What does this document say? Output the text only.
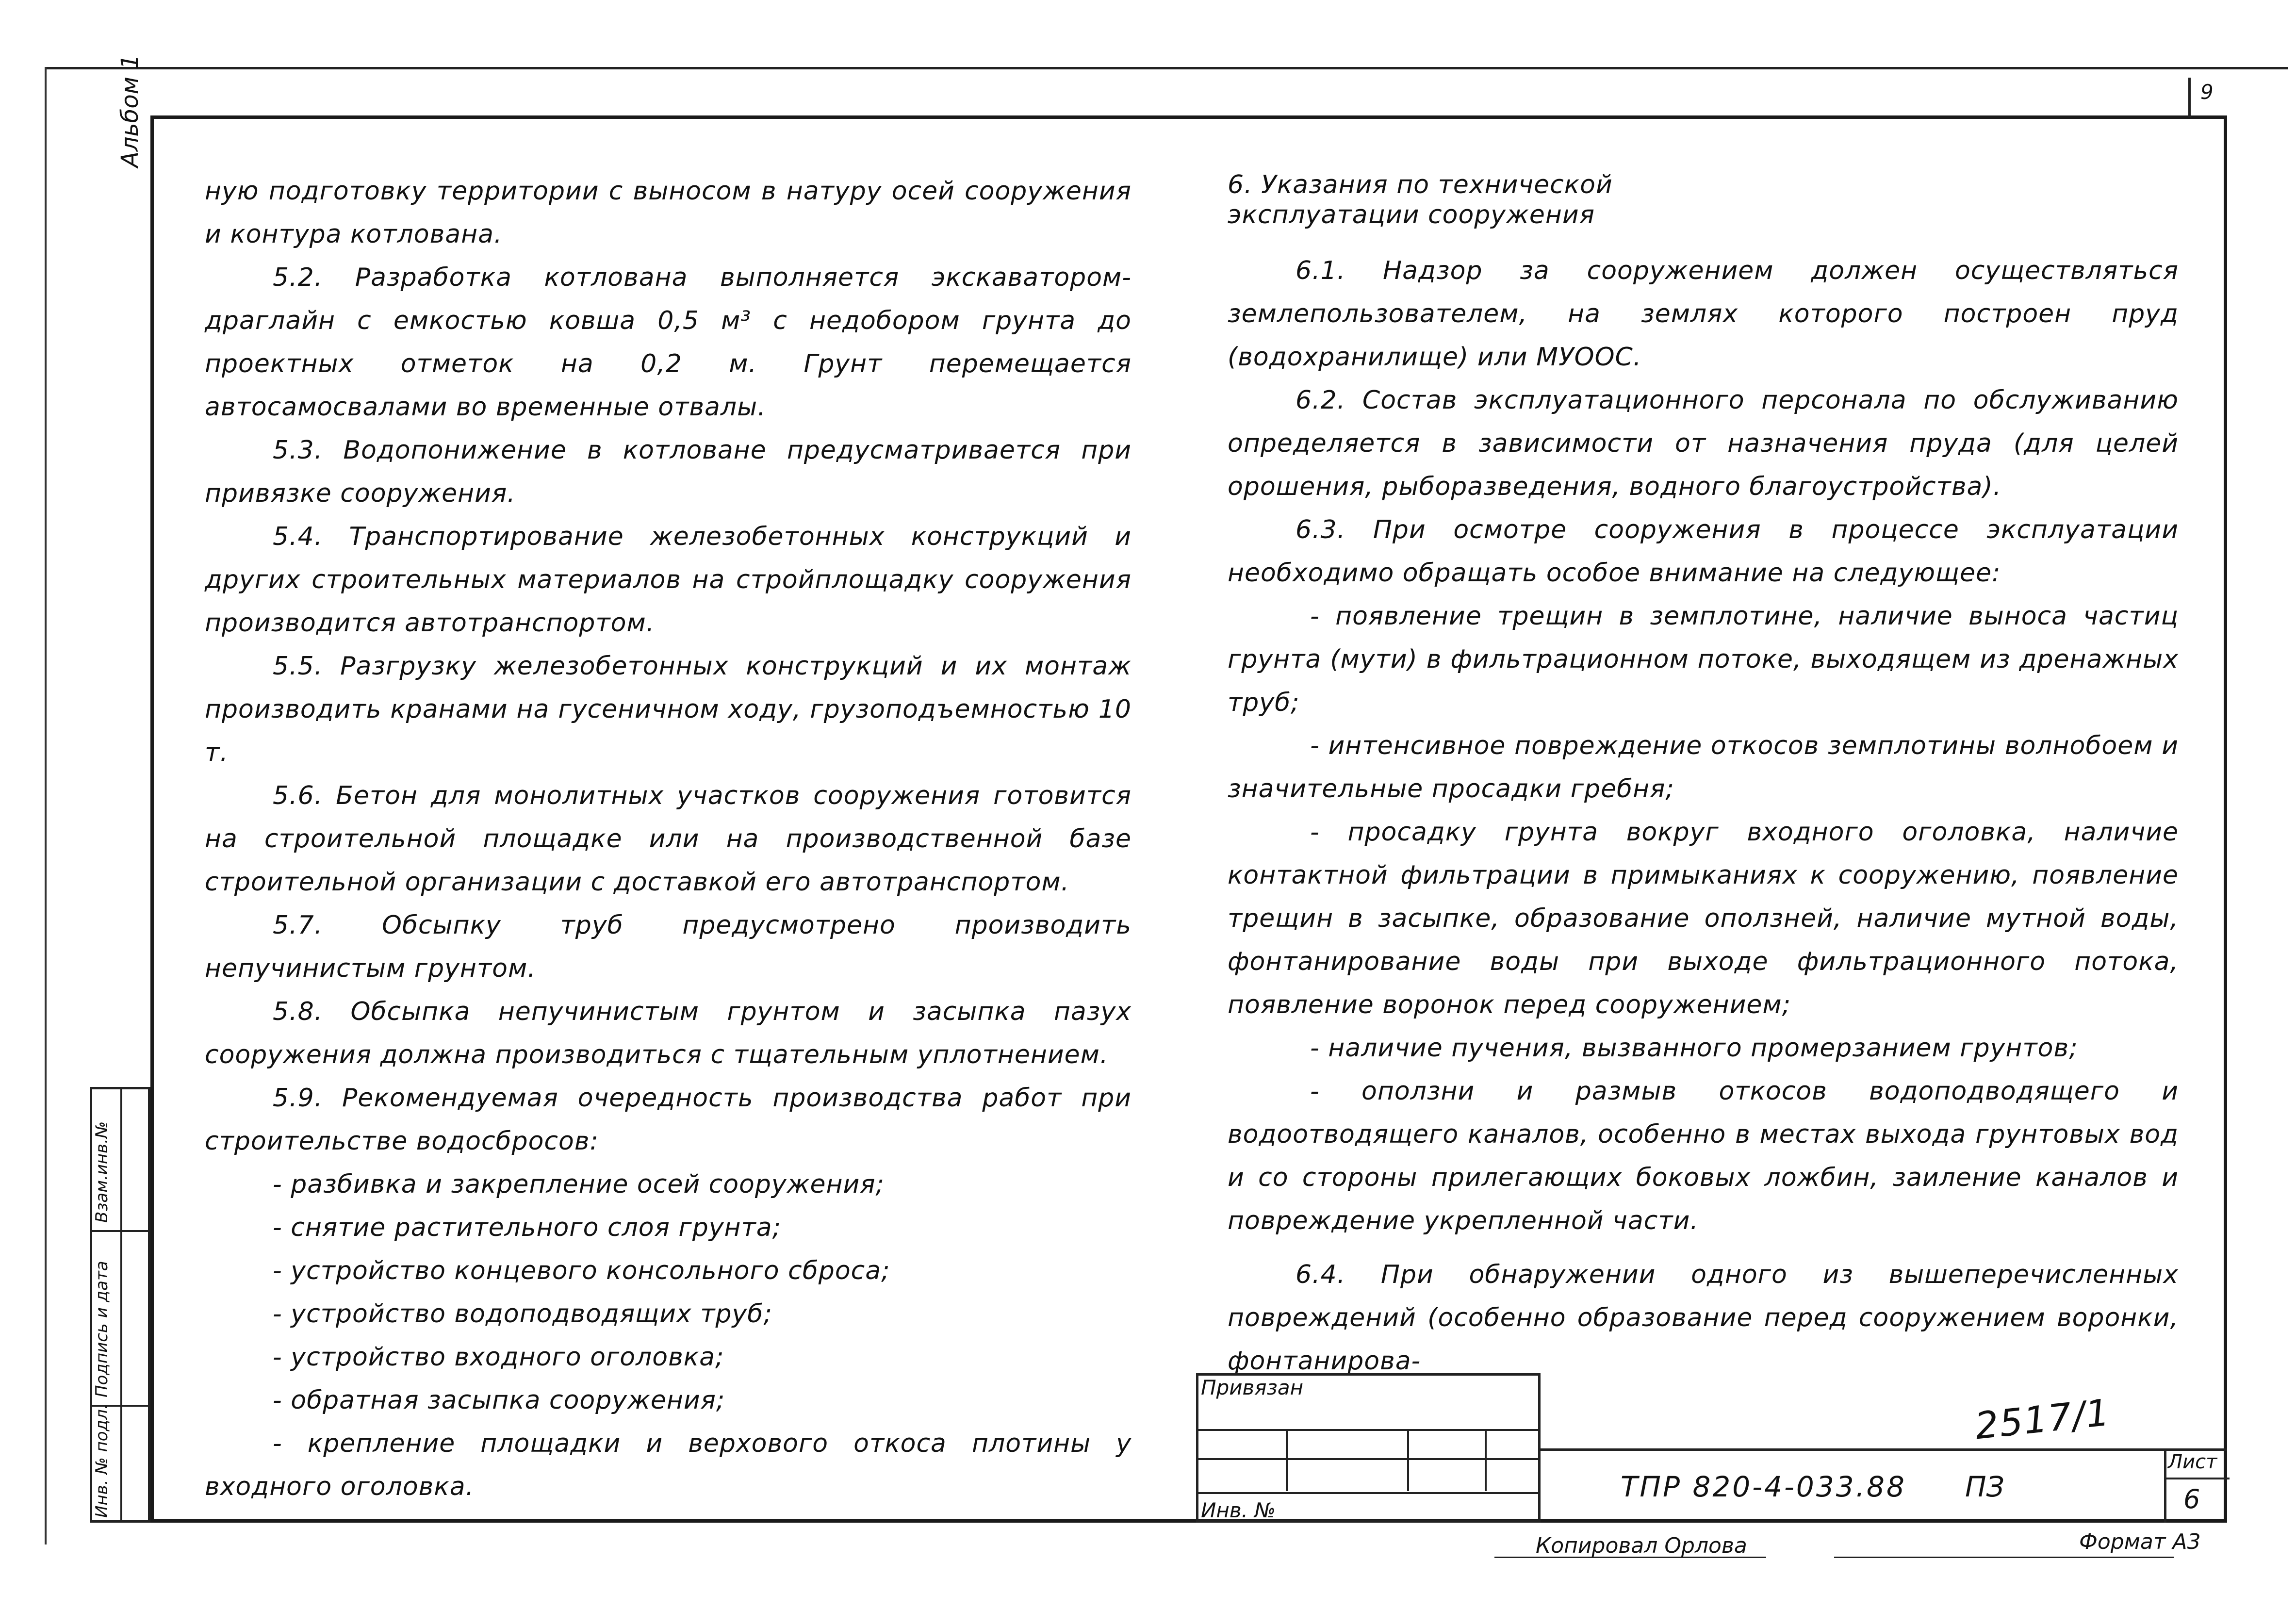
9
Альбом 1
Инв. № подл.
Подпись и дата
Взам.инв.№

ную подготовку территории с выносом в натуру осей сооружения и контура котлована.

5.2. Разработка котлована выполняется экскаватором-драглайн с емкостью ковша 0,5 м³ с недобором грунта до проектных отметок на 0,2 м. Грунт перемещается автосамосвалами во временные отвалы.

5.3. Водопонижение в котловане предусматривается при привязке сооружения.

5.4. Транспортирование железобетонных конструкций и других строительных материалов на стройплощадку сооружения производится автотранспортом.

5.5. Разгрузку железобетонных конструкций и их монтаж производить кранами на гусеничном ходу, грузоподъемностью 10 т.

5.6. Бетон для монолитных участков сооружения готовится на строительной площадке или на производственной базе строительной организации с доставкой его автотранспортом.

5.7. Обсыпку труб предусмотрено производить непучинистым грунтом.

5.8. Обсыпка непучинистым грунтом и засыпка пазух сооружения должна производиться с тщательным уплотнением.

5.9. Рекомендуемая очередность производства работ при строительстве водосбросов:

- разбивка и закрепление осей сооружения;

- снятие растительного слоя грунта;

- устройство концевого консольного сброса;

- устройство водоподводящих труб;

- устройство входного оголовка;

- обратная засыпка сооружения;

- крепление площадки и верхового откоса плотины у входного оголовка.

6. Указания по технической
эксплуатации сооружения

6.1. Надзор за сооружением должен осуществляться землепользователем, на землях которого построен пруд (водохранилище) или МУООС.

6.2. Состав эксплуатационного персонала по обслуживанию определяется в зависимости от назначения пруда (для целей орошения, рыборазведения, водного благоустройства).

6.3. При осмотре сооружения в процессе эксплуатации необходимо обращать особое внимание на следующее:

- появление трещин в земплотине, наличие выноса частиц грунта (мути) в фильтрационном потоке, выходящем из дренажных труб;

- интенсивное повреждение откосов земплотины волнобоем и значительные просадки гребня;

- просадку грунта вокруг входного оголовка, наличие контактной фильтрации в примыканиях к сооружению, появление трещин в засыпке, образование оползней, наличие мутной воды, фонтанирование воды при выходе фильтрационного потока, появление воронок перед сооружением;

- наличие пучения, вызванного промерзанием грунтов;

- оползни и размыв откосов водоподводящего и водоотводящего каналов, особенно в местах выхода грунтовых вод и со стороны прилегающих боковых ложбин, заиление каналов и повреждение укрепленной части.

6.4. При обнаружении одного из вышеперечисленных повреждений (особенно образование перед сооружением воронки, фонтанирова-

Привязан
Инв. №
2517/1
ТПР 820-4-033.88 ПЗ
Лист
6
Копировал Орлова	Формат А3
